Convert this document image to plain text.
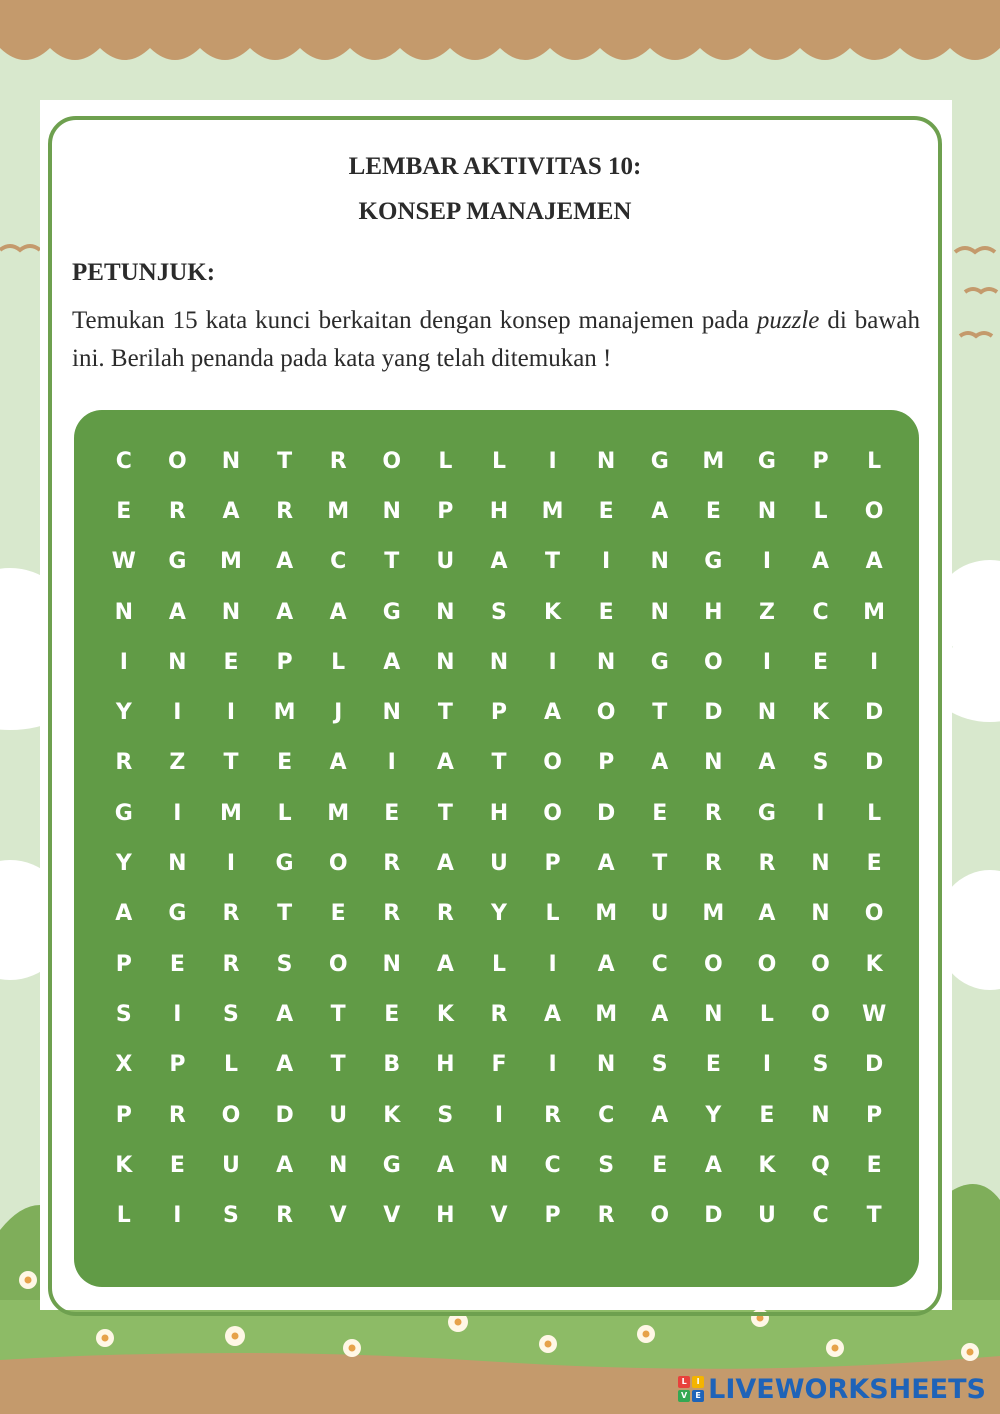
LEMBAR AKTIVITAS 10:
KONSEP MANAJEMEN
PETUNJUK:

Temukan 15 kata kunci berkaitan dengan konsep manajemen pada puzzle di bawah ini. Berilah penanda pada kata yang telah ditemukan !

C	O	N	T	R	O	L	L	I	N	G	M	G	P	L
E	R	A	R	M	N	P	H	M	E	A	E	N	L	O
W	G	M	A	C	T	U	A	T	I	N	G	I	A	A
N	A	N	A	A	G	N	S	K	E	N	H	Z	C	M
I	N	E	P	L	A	N	N	I	N	G	O	I	E	I
Y	I	I	M	J	N	T	P	A	O	T	D	N	K	D
R	Z	T	E	A	I	A	T	O	P	A	N	A	S	D
G	I	M	L	M	E	T	H	O	D	E	R	G	I	L
Y	N	I	G	O	R	A	U	P	A	T	R	R	N	E
A	G	R	T	E	R	R	Y	L	M	U	M	A	N	O
P	E	R	S	O	N	A	L	I	A	C	O	O	O	K
S	I	S	A	T	E	K	R	A	M	A	N	L	O	W
X	P	L	A	T	B	H	F	I	N	S	E	I	S	D
P	R	O	D	U	K	S	I	R	C	A	Y	E	N	P
K	E	U	A	N	G	A	N	C	S	E	A	K	Q	E
L	I	S	R	V	V	H	V	P	R	O	D	U	C	T
L	I
V	E LIVEWORKSHEETS
